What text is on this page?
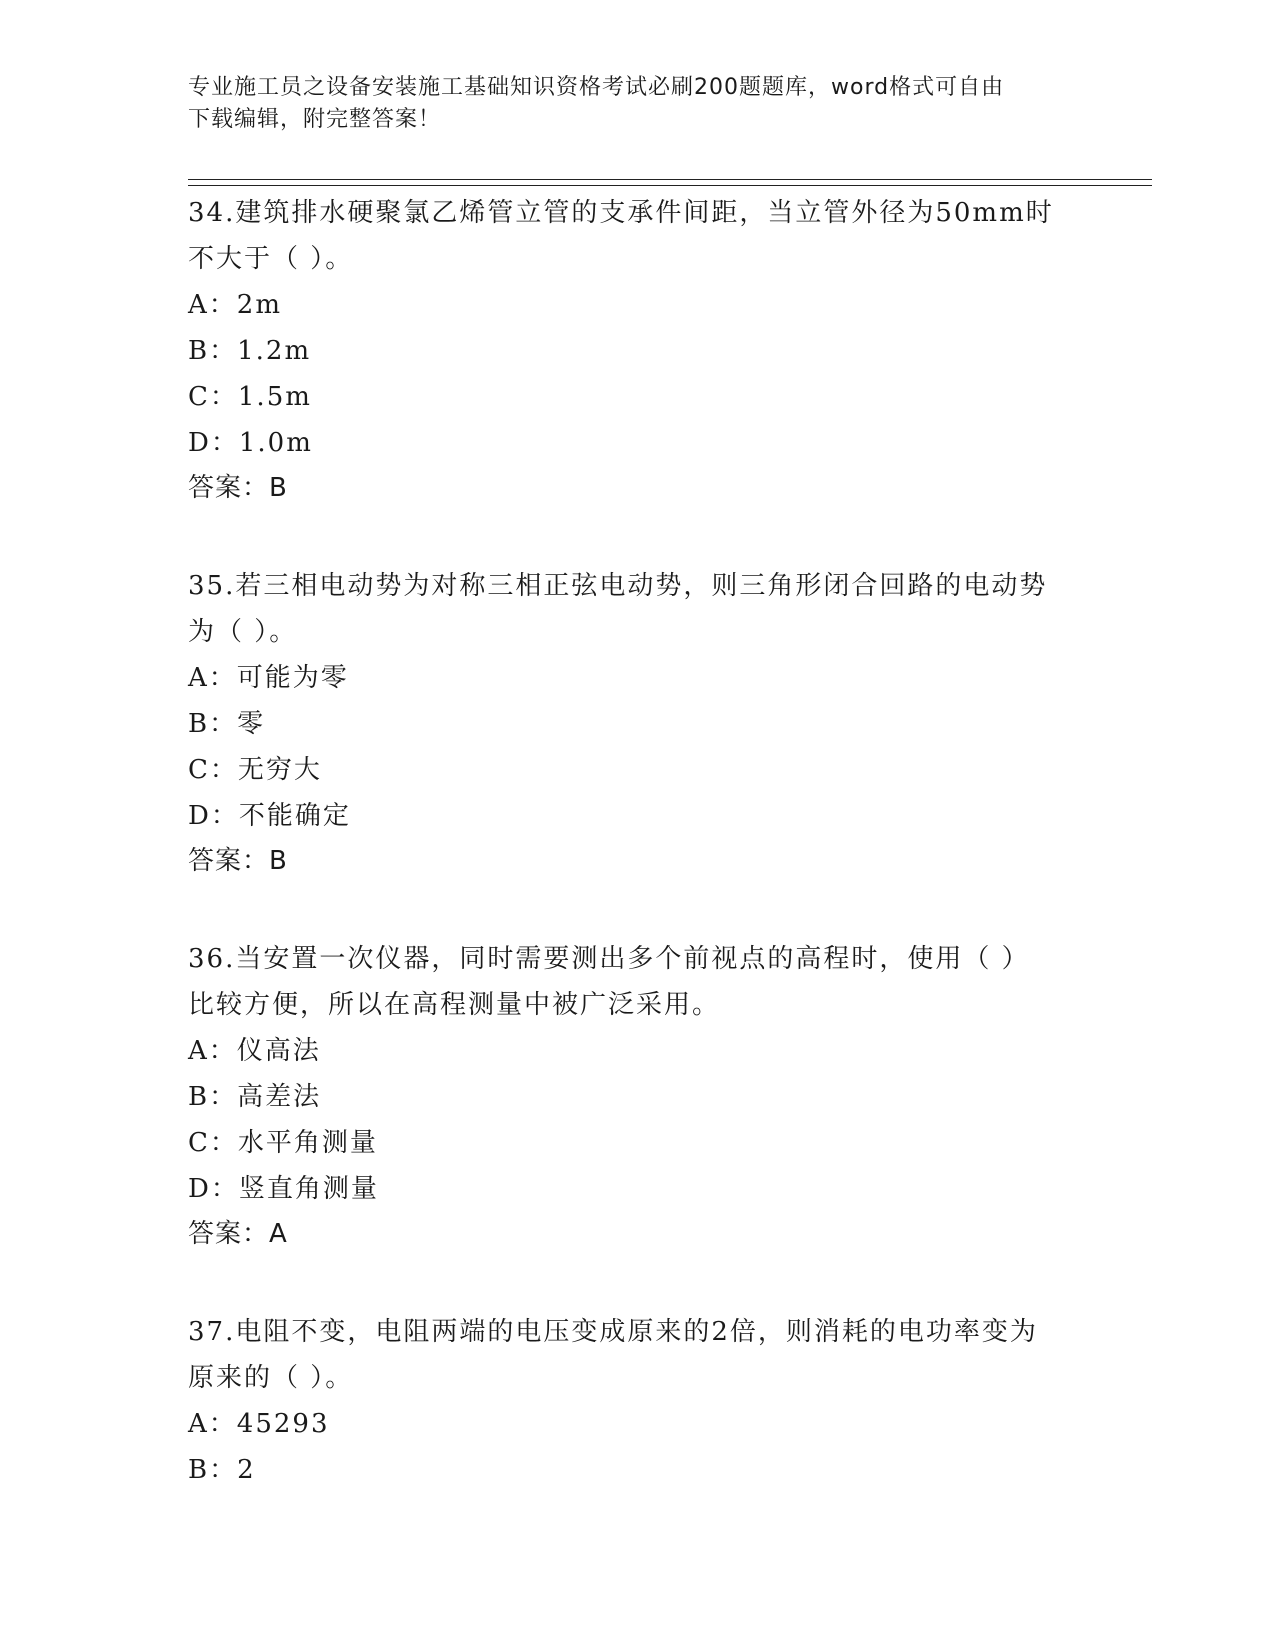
专业施工员之设备安装施工基础知识资格考试必刷200题题库，word格式可自由
下载编辑，附完整答案！
34.建筑排水硬聚氯乙烯管立管的支承件间距，当立管外径为50mm时
不大于（ ）。
A：2m
B：1.2m
C：1.5m
D：1.0m
答案：B
35.若三相电动势为对称三相正弦电动势，则三角形闭合回路的电动势
为（ ）。
A：可能为零
B：零
C：无穷大
D：不能确定
答案：B
36.当安置一次仪器，同时需要测出多个前视点的高程时，使用（ ）
比较方便，所以在高程测量中被广泛采用。
A：仪高法
B：高差法
C：水平角测量
D：竖直角测量
答案：A
37.电阻不变，电阻两端的电压变成原来的2倍，则消耗的电功率变为
原来的（ ）。
A：45293
B：2
